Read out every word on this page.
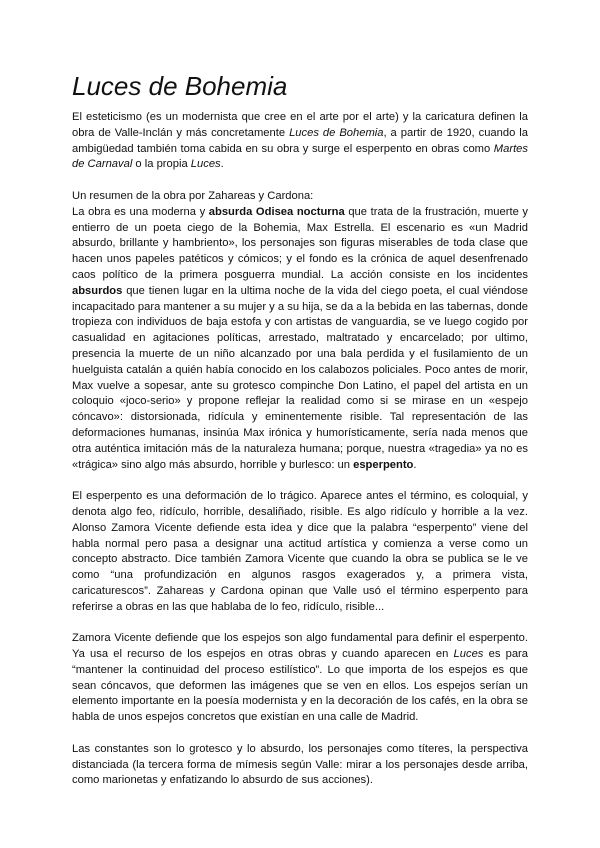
Luces de Bohemia

El esteticismo (es un modernista que cree en el arte por el arte) y la caricatura definen la obra de Valle-Inclán y más concretamente Luces de Bohemia, a partir de 1920, cuando la ambigüedad también toma cabida en su obra y surge el esperpento en obras como Martes de Carnaval o la propia Luces.

Un resumen de la obra por Zahareas y Cardona:

La obra es una moderna y absurda Odisea nocturna que trata de la frustración, muerte y entierro de un poeta ciego de la Bohemia, Max Estrella. El escenario es «un Madrid absurdo, brillante y hambriento», los personajes son figuras miserables de toda clase que hacen unos papeles patéticos y cómicos; y el fondo es la crónica de aquel desenfrenado caos político de la primera posguerra mundial. La acción consiste en los incidentes absurdos que tienen lugar en la ultima noche de la vida del ciego poeta, el cual viéndose incapacitado para mantener a su mujer y a su hija, se da a la bebida en las tabernas, donde tropieza con individuos de baja estofa y con artistas de vanguardia, se ve luego cogido por casualidad en agitaciones políticas, arrestado, maltratado y encarcelado; por ultimo, presencia la muerte de un niño alcanzado por una bala perdida y el fusilamiento de un huelguista catalán a quién había conocido en los calabozos policiales. Poco antes de morir, Max vuelve a sopesar, ante su grotesco compinche Don Latino, el papel del artista en un coloquio «joco-serio» y propone reflejar la realidad como si se mirase en un «espejo cóncavo»: distorsionada, ridícula y eminentemente risible. Tal representación de las deformaciones humanas, insinúa Max irónica y humorísticamente, sería nada menos que otra auténtica imitación más de la naturaleza humana; porque, nuestra «tragedia» ya no es «trágica» sino algo más absurdo, horrible y burlesco: un esperpento.

El esperpento es una deformación de lo trágico. Aparece antes el término, es coloquial, y denota algo feo, ridículo, horrible, desaliñado, risible. Es algo ridículo y horrible a la vez. Alonso Zamora Vicente defiende esta idea y dice que la palabra “esperpento” viene del habla normal pero pasa a designar una actitud artística y comienza a verse como un concepto abstracto. Dice también Zamora Vicente que cuando la obra se publica se le ve como “una profundización en algunos rasgos exagerados y, a primera vista, caricaturescos”. Zahareas y Cardona opinan que Valle usó el término esperpento para referirse a obras en las que hablaba de lo feo, ridículo, risible...

Zamora Vicente defiende que los espejos son algo fundamental para definir el esperpento. Ya usa el recurso de los espejos en otras obras y cuando aparecen en Luces es para “mantener la continuidad del proceso estilístico”. Lo que importa de los espejos es que sean cóncavos, que deformen las imágenes que se ven en ellos. Los espejos serían un elemento importante en la poesía modernista y en la decoración de los cafés, en la obra se habla de unos espejos concretos que existían en una calle de Madrid.

Las constantes son lo grotesco y lo absurdo, los personajes como títeres, la perspectiva distanciada (la tercera forma de mímesis según Valle: mirar a los personajes desde arriba, como marionetas y enfatizando lo absurdo de sus acciones).
